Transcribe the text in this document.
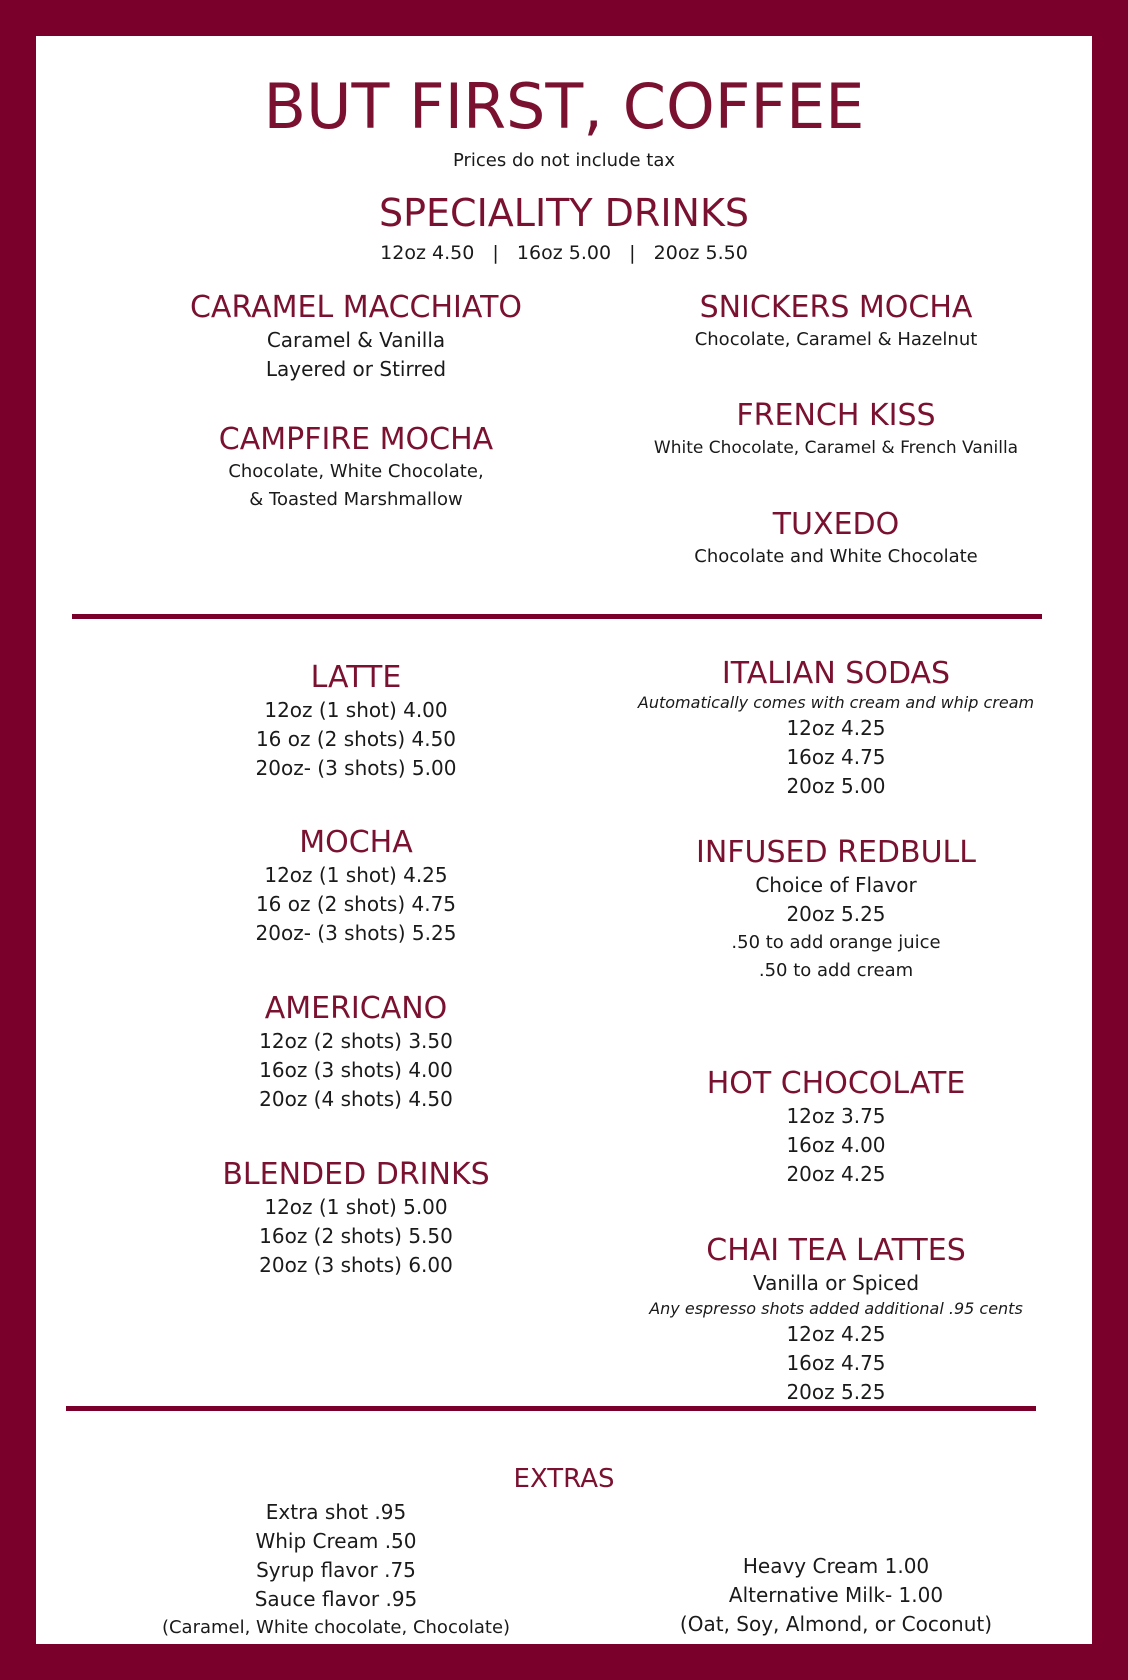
BUT FIRST, COFFEE
Prices do not include tax
SPECIALITY DRINKS
12oz 4.50   |   16oz 5.00   |   20oz 5.50
CARAMEL MACCHIATO
Caramel & Vanilla
Layered or Stirred
CAMPFIRE MOCHA
Chocolate, White Chocolate,
& Toasted Marshmallow
SNICKERS MOCHA
Chocolate, Caramel & Hazelnut
FRENCH KISS
White Chocolate, Caramel & French Vanilla
TUXEDO
Chocolate and White Chocolate
LATTE
12oz (1 shot) 4.00
16 oz (2 shots) 4.50
20oz- (3 shots) 5.00
MOCHA
12oz (1 shot) 4.25
16 oz (2 shots) 4.75
20oz- (3 shots) 5.25
AMERICANO
12oz (2 shots) 3.50
16oz (3 shots) 4.00
20oz (4 shots) 4.50
BLENDED DRINKS
12oz (1 shot) 5.00
16oz (2 shots) 5.50
20oz (3 shots) 6.00
ITALIAN SODAS
Automatically comes with cream and whip cream
12oz 4.25
16oz 4.75
20oz 5.00
INFUSED REDBULL
Choice of Flavor
20oz 5.25
.50 to add orange juice
.50 to add cream
HOT CHOCOLATE
12oz 3.75
16oz 4.00
20oz 4.25
CHAI TEA LATTES
Vanilla or Spiced
Any espresso shots added additional .95 cents
12oz 4.25
16oz 4.75
20oz 5.25
EXTRAS
Extra shot .95
Whip Cream .50
Syrup flavor .75
Sauce flavor .95
(Caramel, White chocolate, Chocolate)
Heavy Cream 1.00
Alternative Milk- 1.00
(Oat, Soy, Almond, or Coconut)
